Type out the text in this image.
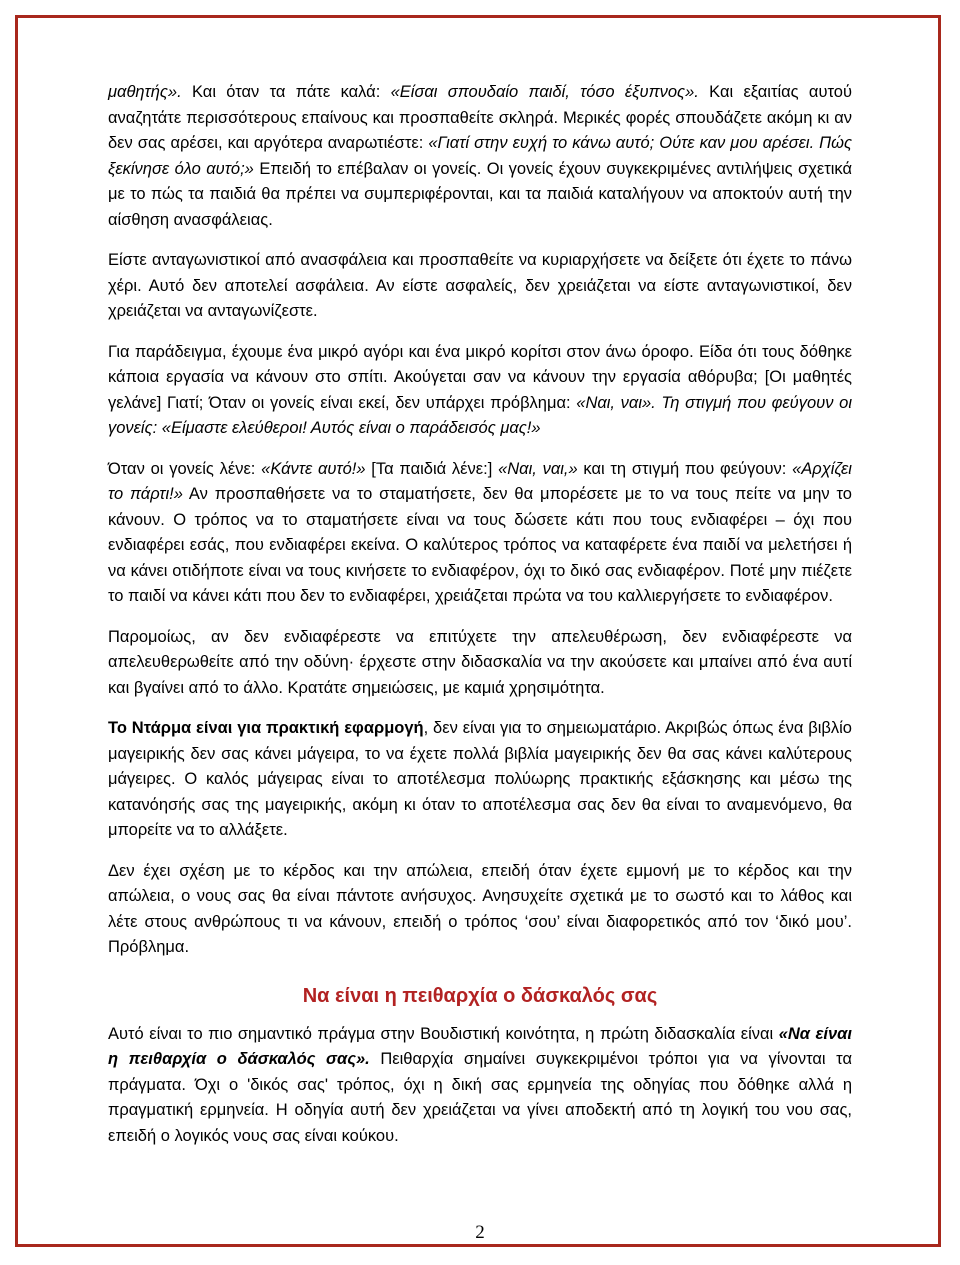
μαθητής». Και όταν τα πάτε καλά: «Είσαι σπουδαίο παιδί, τόσο έξυπνος». Και εξαιτίας αυτού αναζητάτε περισσότερους επαίνους και προσπαθείτε σκληρά. Μερικές φορές σπουδάζετε ακόμη κι αν δεν σας αρέσει, και αργότερα αναρωτιέστε: «Γιατί στην ευχή το κάνω αυτό; Ούτε καν μου αρέσει. Πώς ξεκίνησε όλο αυτό;» Επειδή το επέβαλαν οι γονείς. Οι γονείς έχουν συγκεκριμένες αντιλήψεις σχετικά με το πώς τα παιδιά θα πρέπει να συμπεριφέρονται, και τα παιδιά καταλήγουν να αποκτούν αυτή την αίσθηση ανασφάλειας.

Είστε ανταγωνιστικοί από ανασφάλεια και προσπαθείτε να κυριαρχήσετε να δείξετε ότι έχετε το πάνω χέρι. Αυτό δεν αποτελεί ασφάλεια. Αν είστε ασφαλείς, δεν χρειάζεται να είστε ανταγωνιστικοί, δεν χρειάζεται να ανταγωνίζεστε.

Για παράδειγμα, έχουμε ένα μικρό αγόρι και ένα μικρό κορίτσι στον άνω όροφο. Είδα ότι τους δόθηκε κάποια εργασία να κάνουν στο σπίτι. Ακούγεται σαν να κάνουν την εργασία αθόρυβα; [Οι μαθητές γελάνε] Γιατί; Όταν οι γονείς είναι εκεί, δεν υπάρχει πρόβλημα: «Ναι, ναι». Τη στιγμή που φεύγουν οι γονείς: «Είμαστε ελεύθεροι! Αυτός είναι ο παράδεισός μας!»

Όταν οι γονείς λένε: «Κάντε αυτό!» [Τα παιδιά λένε:] «Ναι, ναι,» και τη στιγμή που φεύγουν: «Αρχίζει το πάρτι!» Αν προσπαθήσετε να το σταματήσετε, δεν θα μπορέσετε με το να τους πείτε να μην το κάνουν. Ο τρόπος να το σταματήσετε είναι να τους δώσετε κάτι που τους ενδιαφέρει – όχι που ενδιαφέρει εσάς, που ενδιαφέρει εκείνα. Ο καλύτερος τρόπος να καταφέρετε ένα παιδί να μελετήσει ή να κάνει οτιδήποτε είναι να τους κινήσετε το ενδιαφέρον, όχι το δικό σας ενδιαφέρον. Ποτέ μην πιέζετε το παιδί να κάνει κάτι που δεν το ενδιαφέρει, χρειάζεται πρώτα να του καλλιεργήσετε το ενδιαφέρον.

Παρομοίως, αν δεν ενδιαφέρεστε να επιτύχετε την απελευθέρωση, δεν ενδιαφέρεστε να απελευθερωθείτε από την οδύνη· έρχεστε στην διδασκαλία να την ακούσετε και μπαίνει από ένα αυτί και βγαίνει από το άλλο. Κρατάτε σημειώσεις, με καμιά χρησιμότητα.

Το Ντάρμα είναι για πρακτική εφαρμογή, δεν είναι για το σημειωματάριο. Ακριβώς όπως ένα βιβλίο μαγειρικής δεν σας κάνει μάγειρα, το να έχετε πολλά βιβλία μαγειρικής δεν θα σας κάνει καλύτερους μάγειρες. Ο καλός μάγειρας είναι το αποτέλεσμα πολύωρης πρακτικής εξάσκησης και μέσω της κατανόησής σας της μαγειρικής, ακόμη κι όταν το αποτέλεσμα σας δεν θα είναι το αναμενόμενο, θα μπορείτε να το αλλάξετε.

Δεν έχει σχέση με το κέρδος και την απώλεια, επειδή όταν έχετε εμμονή με το κέρδος και την απώλεια, ο νους σας θα είναι πάντοτε ανήσυχος. Ανησυχείτε σχετικά με το σωστό και το λάθος και λέτε στους ανθρώπους τι να κάνουν, επειδή ο τρόπος ‘σου’ είναι διαφορετικός από τον ‘δικό μου’. Πρόβλημα.

Να είναι η πειθαρχία ο δάσκαλός σας

Αυτό είναι το πιο σημαντικό πράγμα στην Βουδιστική κοινότητα, η πρώτη διδασκαλία είναι «Να είναι η πειθαρχία ο δάσκαλός σας». Πειθαρχία σημαίνει συγκεκριμένοι τρόποι για να γίνονται τα πράγματα. Όχι ο 'δικός σας' τρόπος, όχι η δική σας ερμηνεία της οδηγίας που δόθηκε αλλά η πραγματική ερμηνεία. Η οδηγία αυτή δεν χρειάζεται να γίνει αποδεκτή από τη λογική του νου σας, επειδή ο λογικός νους σας είναι κούκου.

2
